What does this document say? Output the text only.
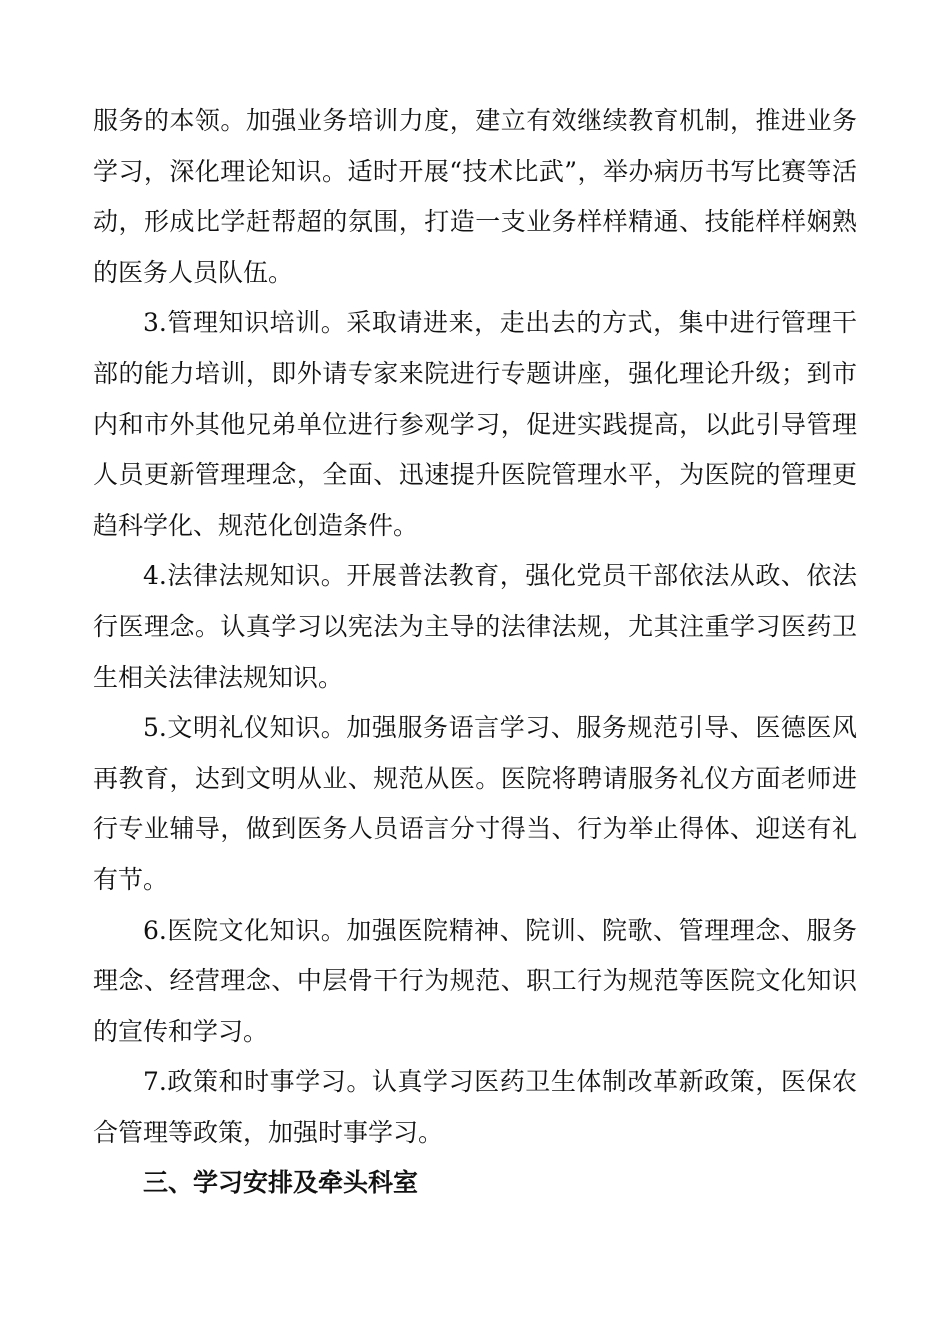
服务的本领。加强业务培训力度，建立有效继续教育机制，推进业务学习，深化理论知识。适时开展“技术比武”，举办病历书写比赛等活动，形成比学赶帮超的氛围，打造一支业务样样精通、技能样样娴熟的医务人员队伍。

3.管理知识培训。采取请进来，走出去的方式，集中进行管理干部的能力培训，即外请专家来院进行专题讲座，强化理论升级；到市内和市外其他兄弟单位进行参观学习，促进实践提高，以此引导管理人员更新管理理念，全面、迅速提升医院管理水平，为医院的管理更趋科学化、规范化创造条件。

4.法律法规知识。开展普法教育，强化党员干部依法从政、依法行医理念。认真学习以宪法为主导的法律法规，尤其注重学习医药卫生相关法律法规知识。

5.文明礼仪知识。加强服务语言学习、服务规范引导、医德医风再教育，达到文明从业、规范从医。医院将聘请服务礼仪方面老师进行专业辅导，做到医务人员语言分寸得当、行为举止得体、迎送有礼有节。

6.医院文化知识。加强医院精神、院训、院歌、管理理念、服务理念、经营理念、中层骨干行为规范、职工行为规范等医院文化知识的宣传和学习。

7.政策和时事学习。认真学习医药卫生体制改革新政策，医保农合管理等政策，加强时事学习。

三、学习安排及牵头科室
